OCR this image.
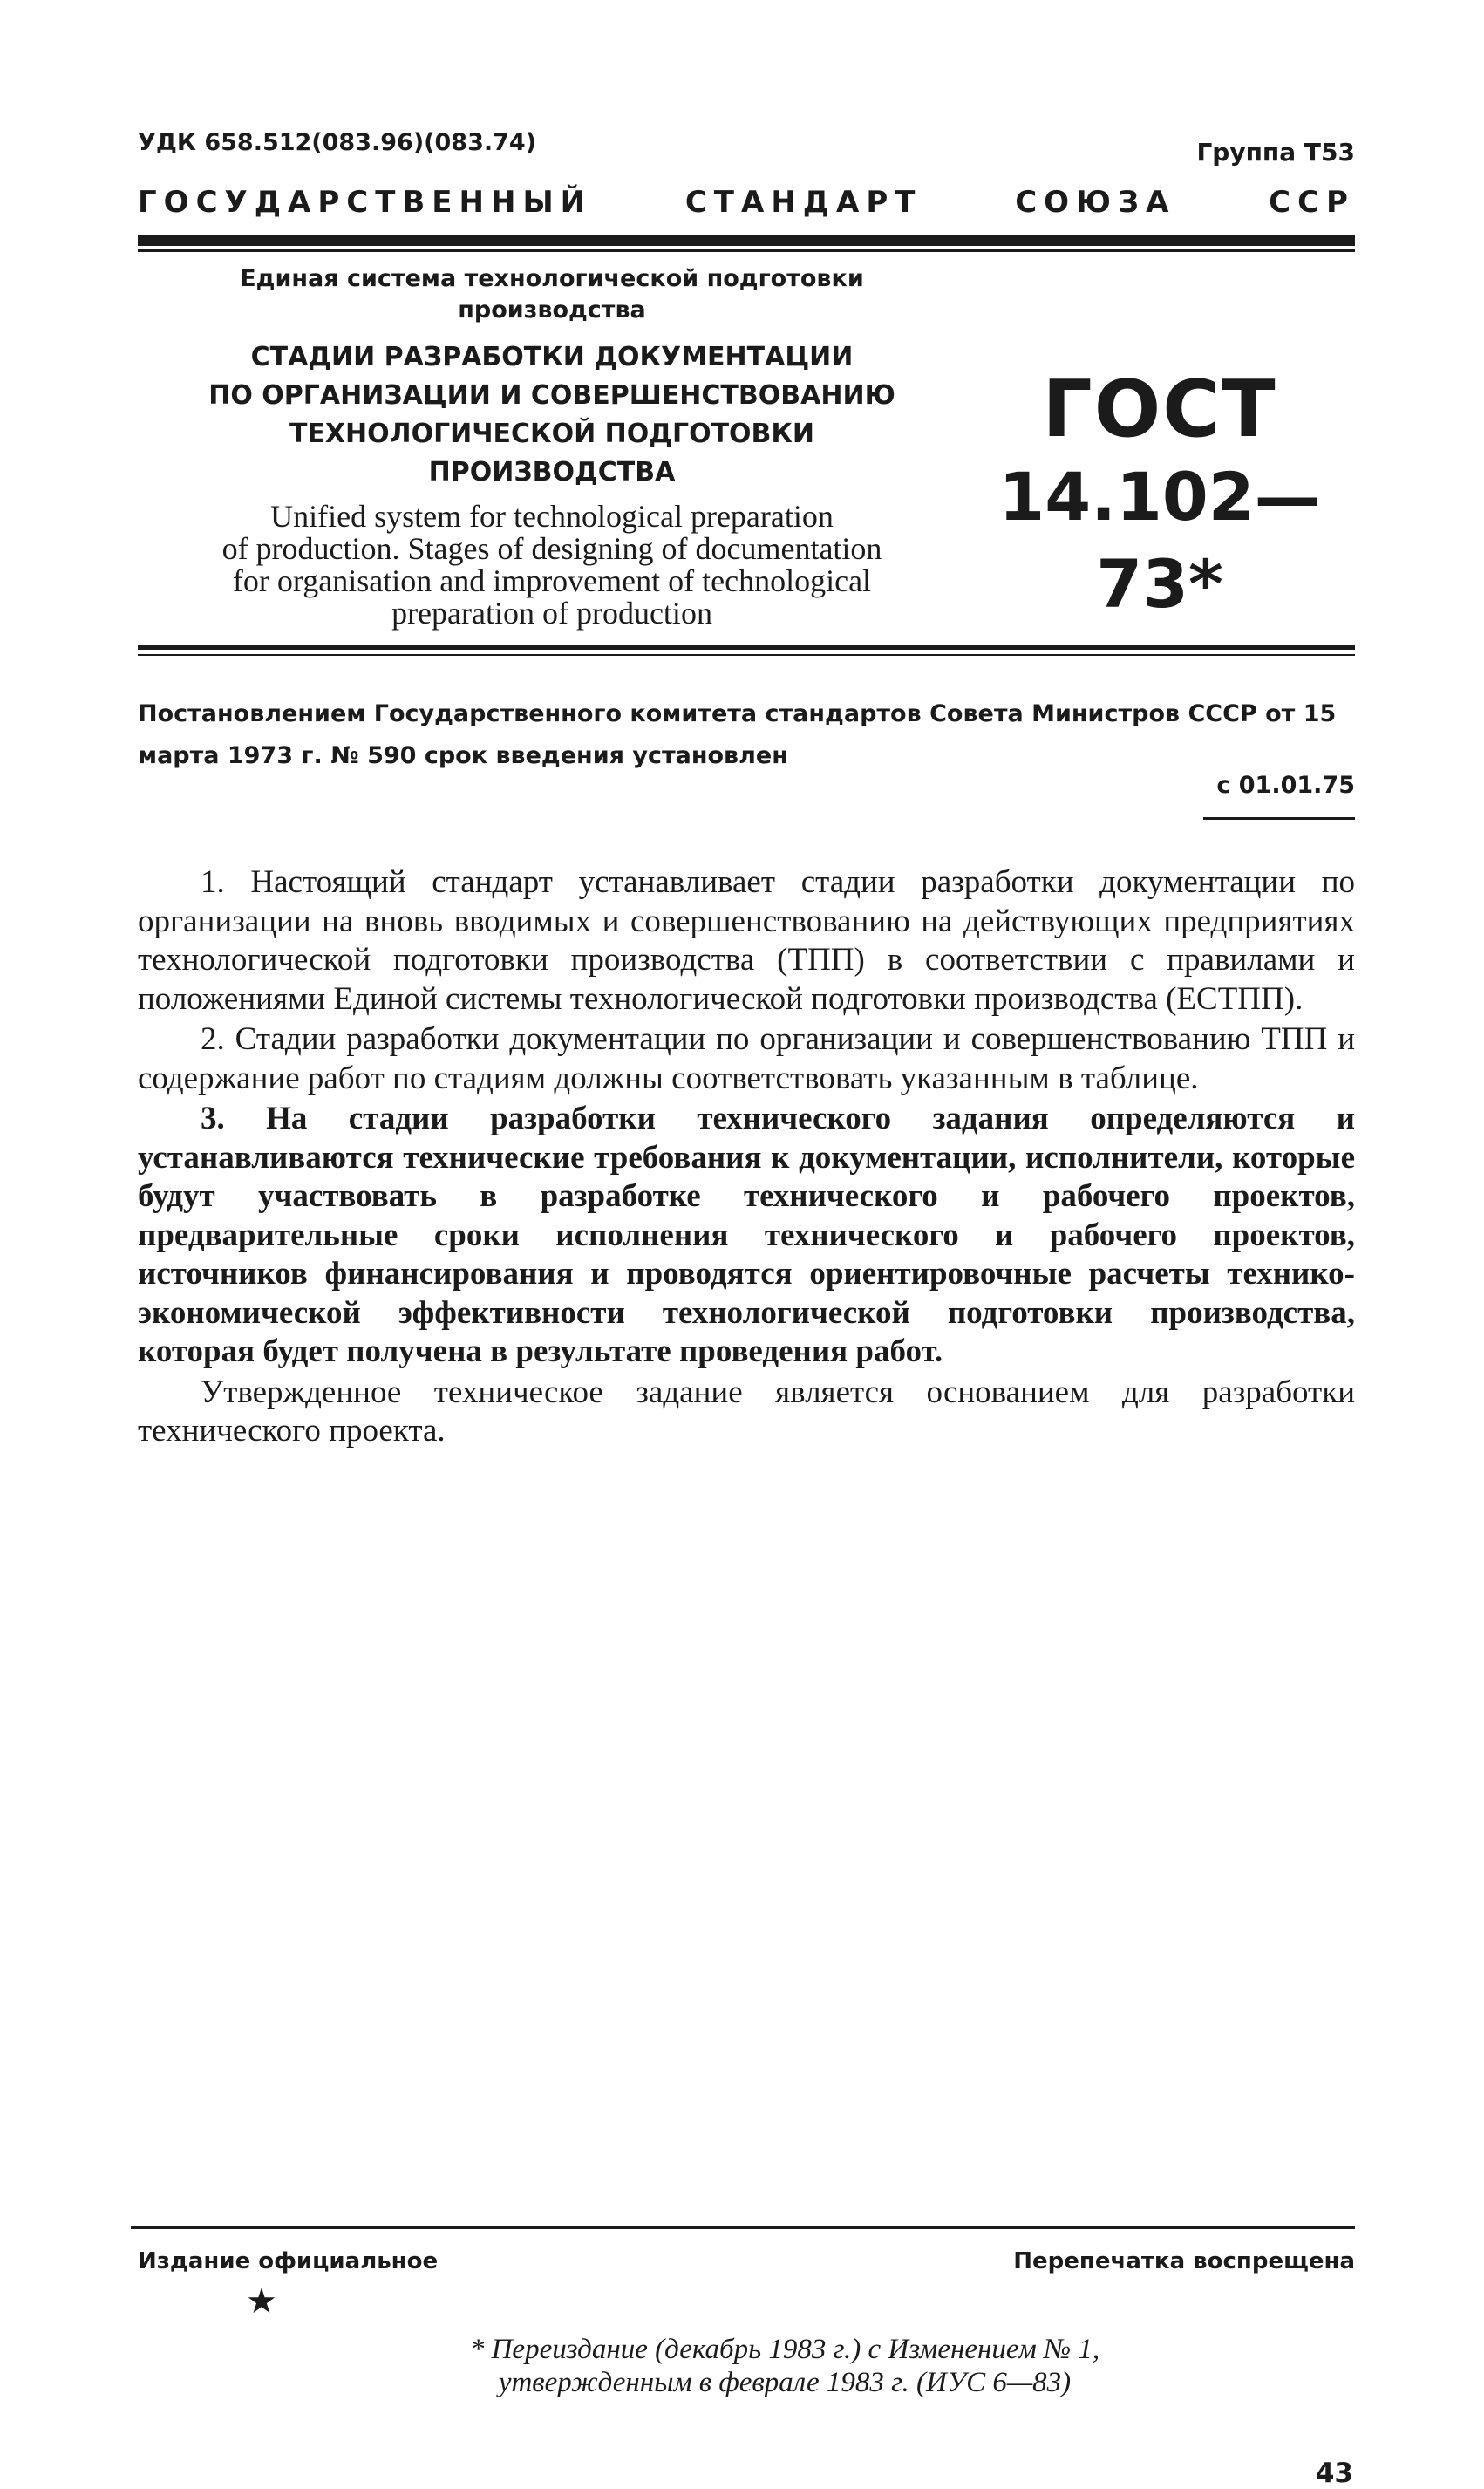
УДК 658.512(083.96)(083.74)	Группа Т53
ГОСУДАРСТВЕННЫЙ	СТАНДАРТ	СОЮЗА	ССР
Единая система технологической подготовки
производства
СТАДИИ РАЗРАБОТКИ ДОКУМЕНТАЦИИ
ПО ОРГАНИЗАЦИИ И СОВЕРШЕНСТВОВАНИЮ
ТЕХНОЛОГИЧЕСКОЙ ПОДГОТОВКИ
ПРОИЗВОДСТВА
Unified system for technological preparation
of production. Stages of designing of documentation
for organisation and improvement of technological
preparation of production
ГОСТ
14.102—73*
Постановлением Государственного комитета стандартов Совета Министров СССР от 15 марта 1973 г. № 590 срок введения установлен
с 01.01.75

1. Настоящий стандарт устанавливает стадии разработки документации по организации на вновь вводимых и совершенствованию на действующих предприятиях технологической подготовки производства (ТПП) в соответствии с правилами и положениями Единой системы технологической подготовки производства (ЕСТПП).

2. Стадии разработки документации по организации и совершенствованию ТПП и содержание работ по стадиям должны соответствовать указанным в таблице.

3. На стадии разработки технического задания определяются и устанавливаются технические требования к документации, исполнители, которые будут участвовать в разработке технического и рабочего проектов, предварительные сроки исполнения технического и рабочего проектов, источников финансирования и проводятся ориентировочные расчеты технико-экономической эффективности технологической подготовки производства, которая будет получена в результате проведения работ.

Утвержденное техническое задание является основанием для разработки технического проекта.

Издание официальное	Перепечатка воспрещена
★
* Переиздание (декабрь 1983 г.) с Изменением № 1,
утвержденным в феврале 1983 г. (ИУС 6—83)
43
